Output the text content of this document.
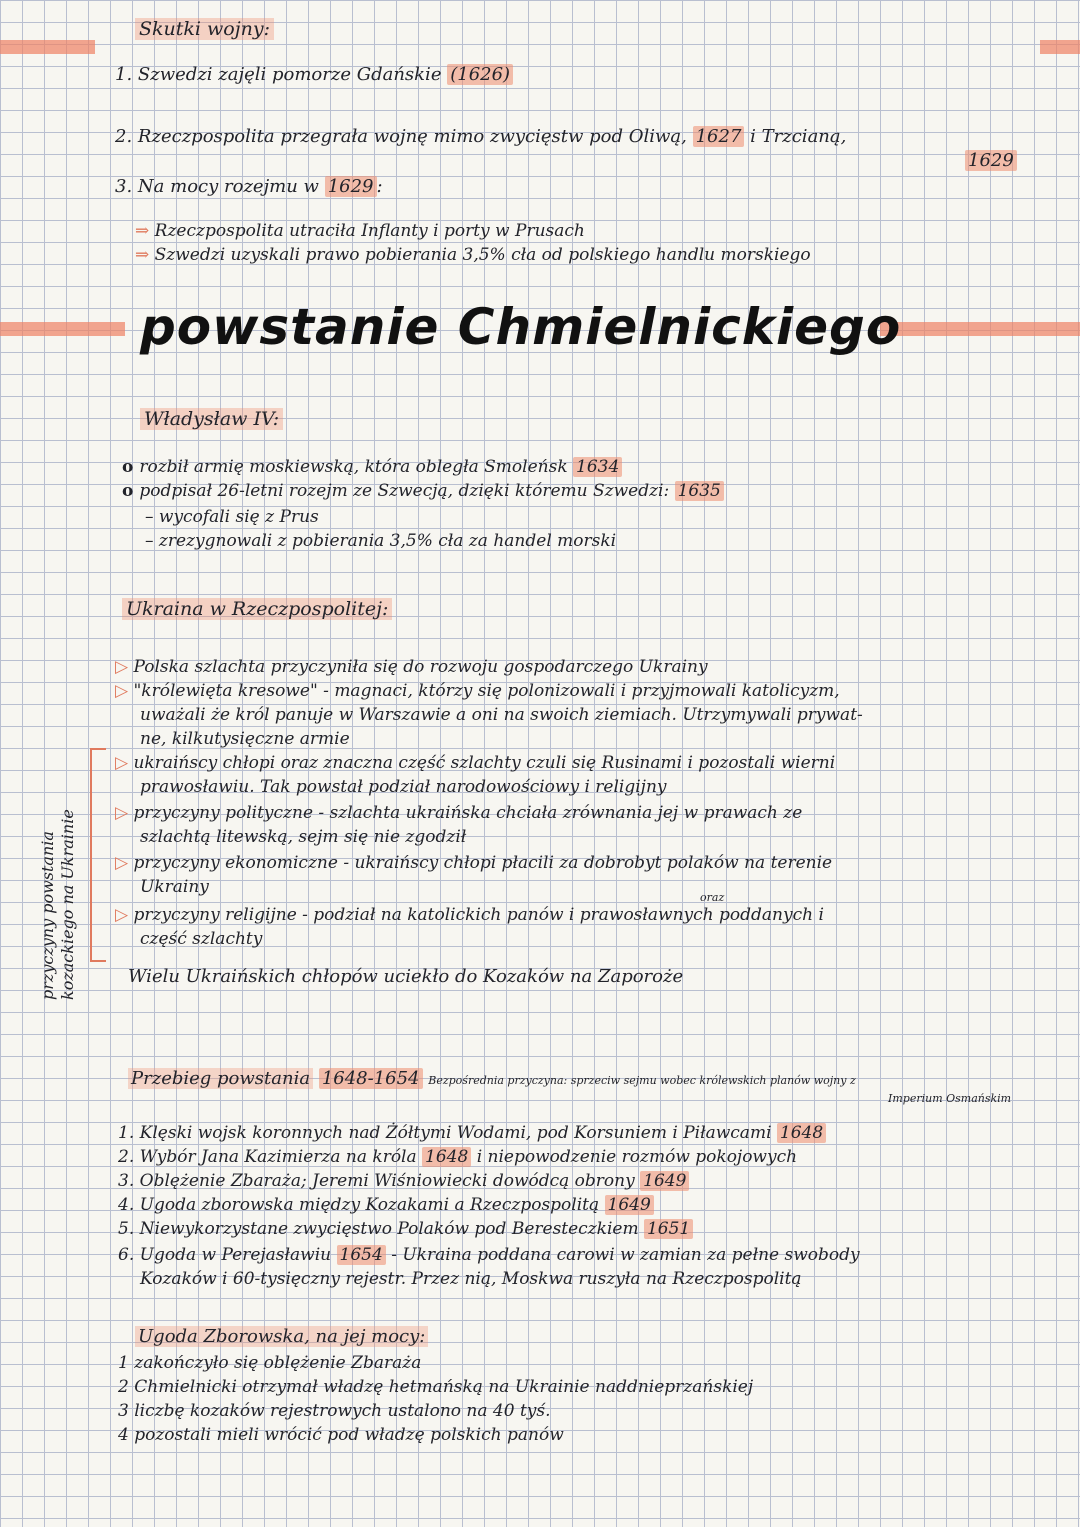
Skutki wojny:
1. Szwedzi zajęli pomorze Gdańskie (1626)
2. Rzeczpospolita przegrała wojnę mimo zwycięstw pod Oliwą, 1627 i Trzcianą,
1629
3. Na mocy rozejmu w 1629 :
⇒ Rzeczpospolita utraciła Inflanty i porty w Prusach
⇒ Szwedzi uzyskali prawo pobierania 3,5% cła od polskiego handlu morskiego
powstanie Chmielnickiego
Władysław IV:
o rozbił armię moskiewską, która obległa Smoleńsk 1634
o podpisał 26-letni rozejm ze Szwecją, dzięki któremu Szwedzi: 1635
– wycofali się z Prus
– zrezygnowali z pobierania 3,5% cła za handel morski
Ukraina w Rzeczpospolitej:
przyczyny powstania kozackiego na Ukrainie
▷ Polska szlachta przyczyniła się do rozwoju gospodarczego Ukrainy
▷ "królewięta kresowe" - magnaci, którzy się polonizowali i przyjmowali katolicyzm,
uważali że król panuje w Warszawie a oni na swoich ziemiach. Utrzymywali prywat-
ne, kilkutysięczne armie
▷ ukraińscy chłopi oraz znaczna część szlachty czuli się Rusinami i pozostali wierni
prawosławiu. Tak powstał podział narodowościowy i religijny
▷ przyczyny polityczne - szlachta ukraińska chciała zrównania jej w prawach ze
szlachtą litewską, sejm się nie zgodził
▷ przyczyny ekonomiczne - ukraińscy chłopi płacili za dobrobyt polaków na terenie
Ukrainy
oraz
▷ przyczyny religijne - podział na katolickich panów i prawosławnych poddanych i
część szlachty
Wielu Ukraińskich chłopów uciekło do Kozaków na Zaporoże
Przebieg powstania 1648-1654 Bezpośrednia przyczyna: sprzeciw sejmu wobec królewskich planów wojny z
Imperium Osmańskim
1. Klęski wojsk koronnych nad Żółtymi Wodami, pod Korsuniem i Piławcami 1648
2. Wybór Jana Kazimierza na króla 1648 i niepowodzenie rozmów pokojowych
3. Oblężenie Zbaraża; Jeremi Wiśniowiecki dowódcą obrony 1649
4. Ugoda zborowska między Kozakami a Rzeczpospolitą 1649
5. Niewykorzystane zwycięstwo Polaków pod Beresteczkiem 1651
6. Ugoda w Perejasławiu 1654 - Ukraina poddana carowi w zamian za pełne swobody
Kozaków i 60-tysięczny rejestr. Przez nią, Moskwa ruszyła na Rzeczpospolitą
Ugoda Zborowska, na jej mocy:
1 zakończyło się oblężenie Zbaraża
2 Chmielnicki otrzymał władzę hetmańską na Ukrainie naddnieprzańskiej
3 liczbę kozaków rejestrowych ustalono na 40 tyś.
4 pozostali mieli wrócić pod władzę polskich panów
